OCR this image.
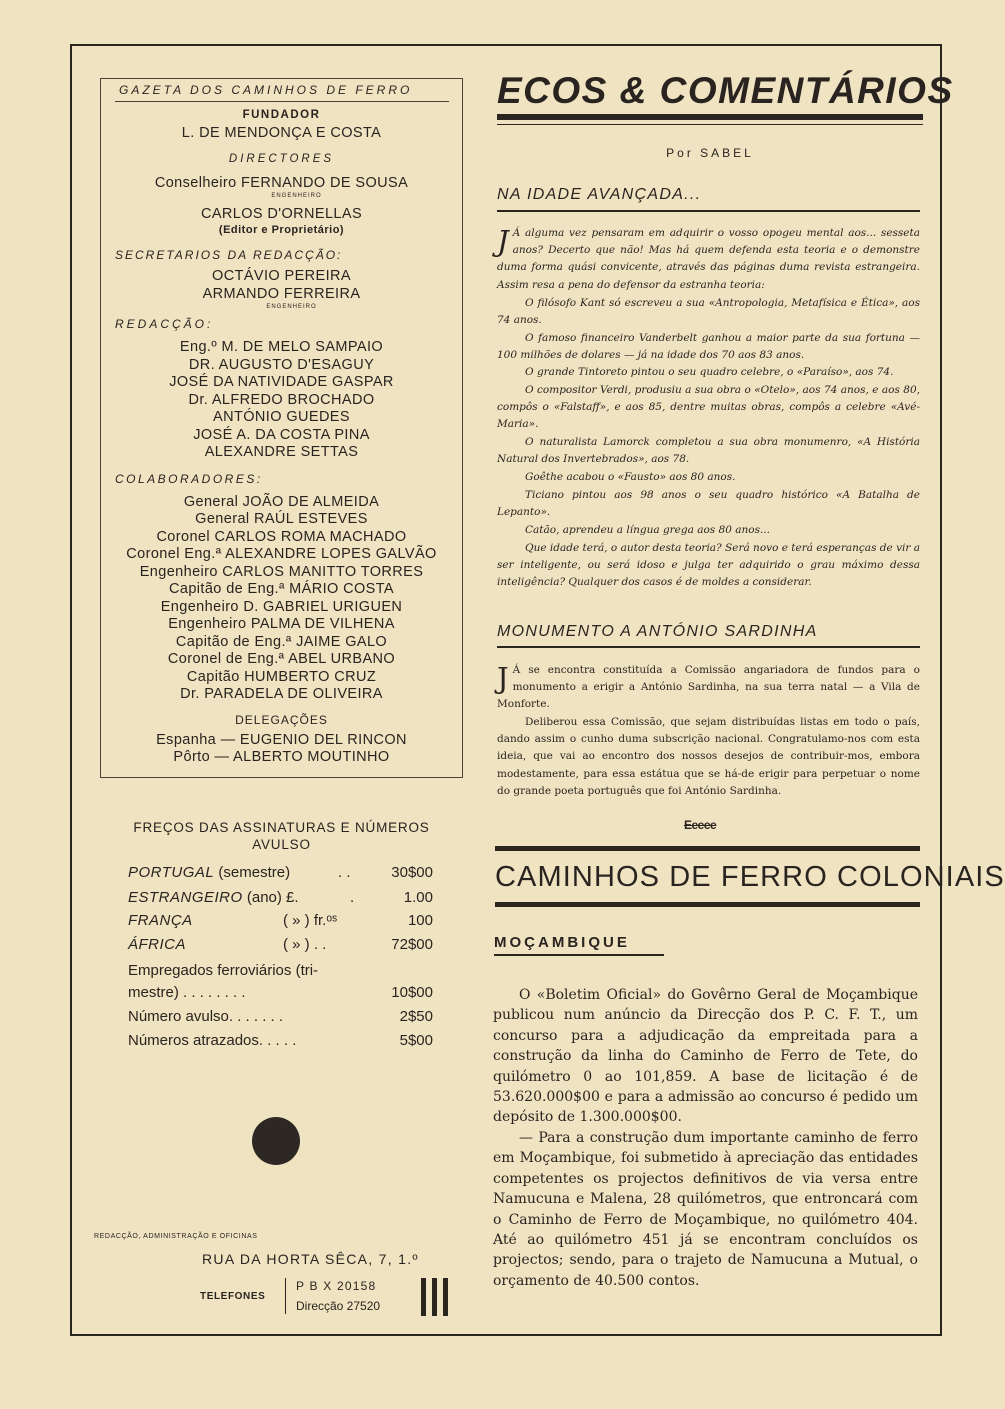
GAZETA DOS CAMINHOS DE FERRO
FUNDADOR
L. DE MENDONÇA E COSTA
DIRECTORES
Conselheiro FERNANDO DE SOUSA
ENGENHEIRO
CARLOS D'ORNELLAS
(Editor e Proprietário)
SECRETARIOS DA REDACÇÃO:
OCTÁVIO PEREIRA
ARMANDO FERREIRA
ENGENHEIRO
REDACÇÃO:
Eng.º M. DE MELO SAMPAIO
DR. AUGUSTO D'ESAGUY
JOSÉ DA NATIVIDADE GASPAR
Dr. ALFREDO BROCHADO
ANTÓNIO GUEDES
JOSÉ A. DA COSTA PINA
ALEXANDRE SETTAS
COLABORADORES:
General JOÃO DE ALMEIDA
General RAÚL ESTEVES
Coronel CARLOS ROMA MACHADO
Coronel Eng.ª ALEXANDRE LOPES GALVÃO
Engenheiro CARLOS MANITTO TORRES
Capitão de Eng.ª MÁRIO COSTA
Engenheiro D. GABRIEL URIGUEN
Engenheiro PALMA DE VILHENA
Capitão de Eng.ª JAIME GALO
Coronel de Eng.ª ABEL URBANO
Capitão HUMBERTO CRUZ
Dr. PARADELA DE OLIVEIRA
DELEGAÇÕES
Espanha — EUGENIO DEL RINCON
Pôrto — ALBERTO MOUTINHO
FREÇOS DAS ASSINATURAS E NÚMEROS
AVULSO
PORTUGAL (semestre)	. .	30$00
ESTRANGEIRO (ano) £.	.	1.00
FRANÇA	( » ) fr.ᵒˢ	100
ÁFRICA	( » ) . .	72$00
Empregados ferroviários (tri-
mestre) . . . . . . . .	10$00
Número avulso. . . . . . .	2$50
Números atrazados. . . . .	5$00
REDACÇÃO, ADMINISTRAÇÃO E OFICINAS
RUA DA HORTA SÊCA, 7, 1.º
TELEFONES
P B X 20158
Direcção 27520
ECOS & COMENTÁRIOS
Por SABEL
NA IDADE AVANÇADA...

J Á alguma vez pensaram em adquirir o vosso opogeu mental aos... sesseta anos? Decerto que não! Mas há quem defenda esta teoria e o demonstre duma forma quási convicente, através das páginas duma revista estrangeira. Assim resa a pena do defensor da estranha teoria:

O filósofo Kant só escreveu a sua «Antropologia, Metafísica e Ética», aos 74 anos.

O famoso financeiro Vanderbelt ganhou a maior parte da sua fortuna — 100 milhões de dolares — já na idade dos 70 aos 83 anos.

O grande Tintoreto pintou o seu quadro celebre, o «Paraíso», aos 74.

O compositor Verdi, produsiu a sua obra o «Otelo», aos 74 anos, e aos 80, compôs o «Falstaff», e aos 85, dentre muitas obras, compôs a celebre «Avé-Maria».

O naturalista Lamorck completou a sua obra monumenro, «A História Natural dos Invertebrados», aos 78.

Goêthe acabou o «Fausto» aos 80 anos.

Ticiano pintou aos 98 anos o seu quadro histórico «A Batalha de Lepanto».

Catão, aprendeu a língua grega aos 80 anos...

Que idade terá, o autor desta teoria? Será novo e terá esperanças de vir a ser inteligente, ou será idoso e julga ter adquirido o grau máximo dessa inteligência? Qualquer dos casos é de moldes a considerar.

MONUMENTO A ANTÓNIO SARDINHA

J Á se encontra constituída a Comissão angariadora de fundos para o monumento a erigir a António Sardinha, na sua terra natal — a Vila de Monforte.

Deliberou essa Comissão, que sejam distribuídas listas em todo o país, dando assim o cunho duma subscrição nacional. Congratulamo-nos com esta ideia, que vai ao encontro dos nossos desejos de contribuir-mos, embora modestamente, para essa estátua que se há-de erigir para perpetuar o nome do grande poeta português que foi António Sardinha.

Eeeee
CAMINHOS DE FERRO COLONIAIS
MOÇAMBIQUE

O «Boletim Oficial» do Govêrno Geral de Moçambique publicou num anúncio da Direcção dos P. C. F. T., um concurso para a adjudicação da empreitada para a construção da linha do Caminho de Ferro de Tete, do quilómetro 0 ao 101,859. A base de licitação é de 53.620.000$00 e para a admissão ao concurso é pedido um depósito de 1.300.000$00.

— Para a construção dum importante caminho de ferro em Moçambique, foi submetido à apreciação das entidades competentes os projectos definitivos de via versa entre Namucuna e Malena, 28 quilómetros, que entroncará com o Caminho de Ferro de Moçambique, no quilómetro 404. Até ao quilómetro 451 já se encontram concluídos os projectos; sendo, para o trajeto de Namucuna a Mutual, o orçamento de 40.500 contos.
